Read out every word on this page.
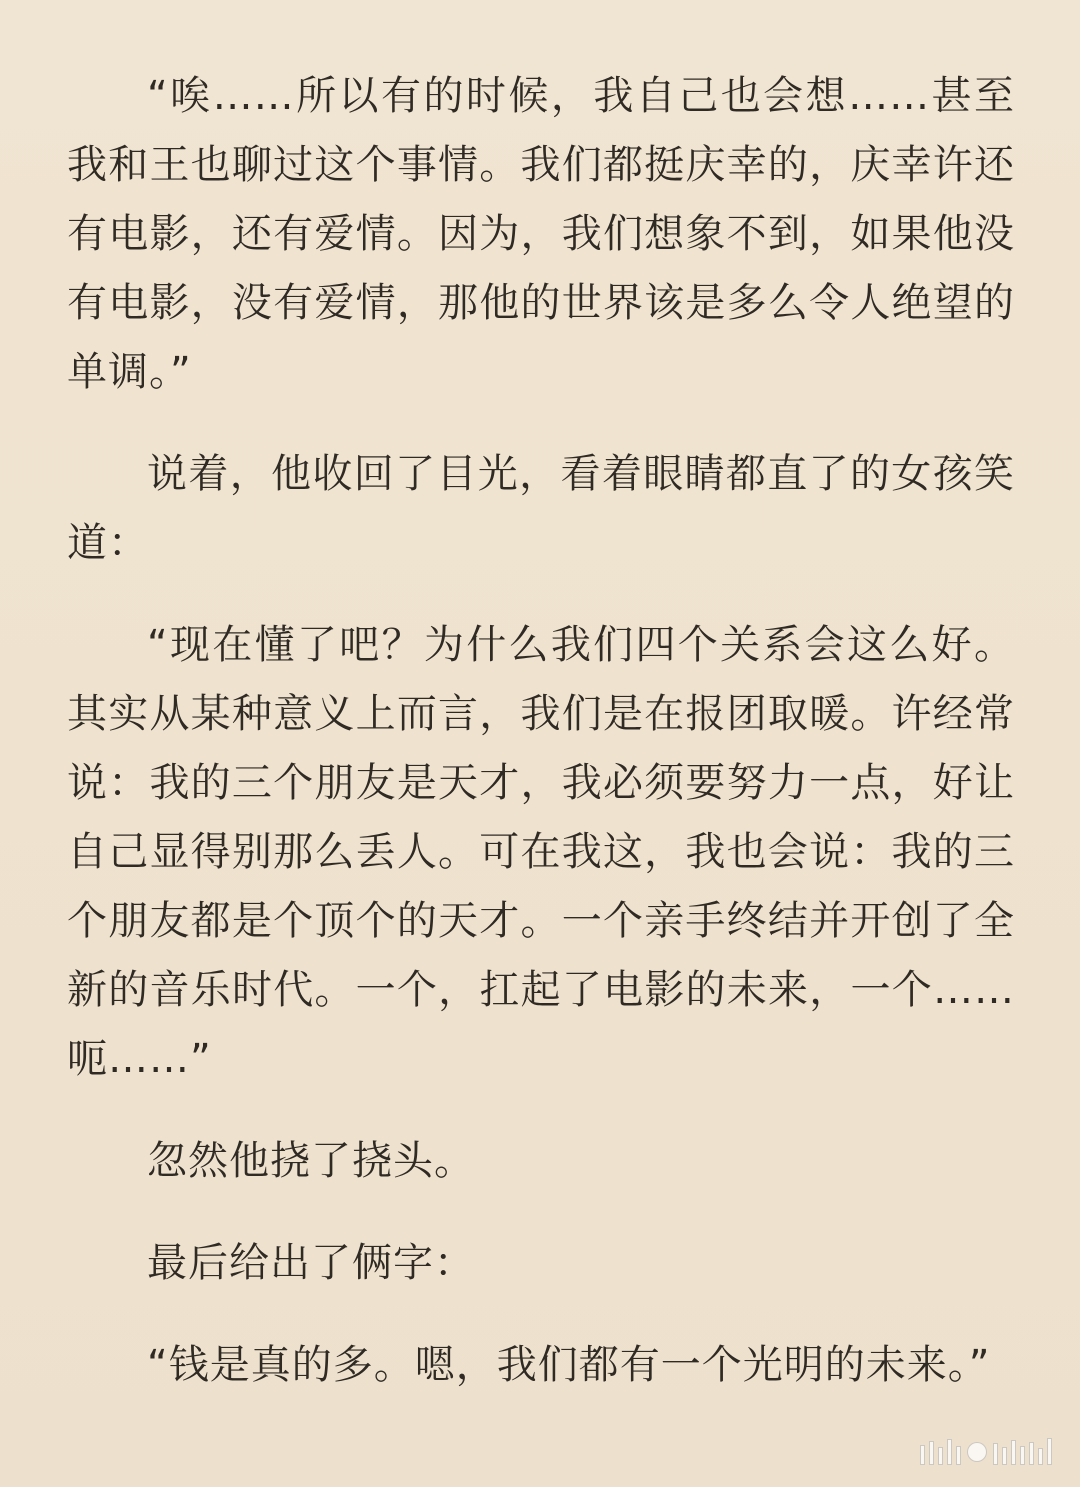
“唉……所以有的时候，我自己也会想……甚至我和王也聊过这个事情。我们都挺庆幸的，庆幸许还有电影，还有爱情。因为，我们想象不到，如果他没有电影，没有爱情，那他的世界该是多么令人绝望的单调。”

说着，他收回了目光，看着眼睛都直了的女孩笑道：

“现在懂了吧？为什么我们四个关系会这么好。其实从某种意义上而言，我们是在报团取暖。许经常说：我的三个朋友是天才，我必须要努力一点，好让自己显得别那么丢人。可在我这，我也会说：我的三个朋友都是个顶个的天才。一个亲手终结并开创了全新的音乐时代。一个，扛起了电影的未来，一个……呃……”

忽然他挠了挠头。

最后给出了俩字：

“钱是真的多。嗯，我们都有一个光明的未来。”
